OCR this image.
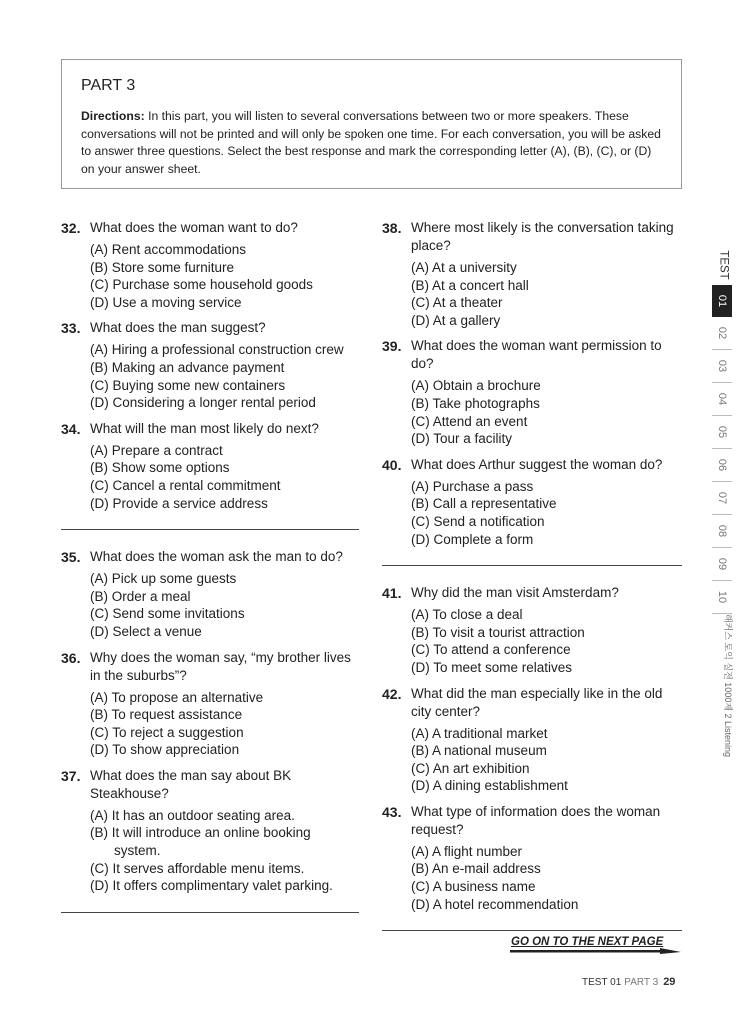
PART 3

Directions: In this part, you will listen to several conversations between two or more speakers. These conversations will not be printed and will only be spoken one time. For each conversation, you will be asked to answer three questions. Select the best response and mark the corresponding letter (A), (B), (C), or (D) on your answer sheet.

32. What does the woman want to do?
(A) Rent accommodations
(B) Store some furniture
(C) Purchase some household goods
(D) Use a moving service
33. What does the man suggest?
(A) Hiring a professional construction crew
(B) Making an advance payment
(C) Buying some new containers
(D) Considering a longer rental period
34. What will the man most likely do next?
(A) Prepare a contract
(B) Show some options
(C) Cancel a rental commitment
(D) Provide a service address
35. What does the woman ask the man to do?
(A) Pick up some guests
(B) Order a meal
(C) Send some invitations
(D) Select a venue
36. Why does the woman say, “my brother lives in the suburbs”?
(A) To propose an alternative
(B) To request assistance
(C) To reject a suggestion
(D) To show appreciation
37. What does the man say about BK Steakhouse?
(A) It has an outdoor seating area.
(B) It will introduce an online booking system.
(C) It serves affordable menu items.
(D) It offers complimentary valet parking.
38. Where most likely is the conversation taking place?
(A) At a university
(B) At a concert hall
(C) At a theater
(D) At a gallery
39. What does the woman want permission to do?
(A) Obtain a brochure
(B) Take photographs
(C) Attend an event
(D) Tour a facility
40. What does Arthur suggest the woman do?
(A) Purchase a pass
(B) Call a representative
(C) Send a notification
(D) Complete a form
41. Why did the man visit Amsterdam?
(A) To close a deal
(B) To visit a tourist attraction
(C) To attend a conference
(D) To meet some relatives
42. What did the man especially like in the old city center?
(A) A traditional market
(B) A national museum
(C) An art exhibition
(D) A dining establishment
43. What type of information does the woman request?
(A) A flight number
(B) An e-mail address
(C) A business name
(D) A hotel recommendation
TEST
01
02
03
04
05
06
07
08
09
10
해커스 토익 실전 1000제 2 Listening
GO ON TO THE NEXT PAGE
TEST 01 PART 3 29
